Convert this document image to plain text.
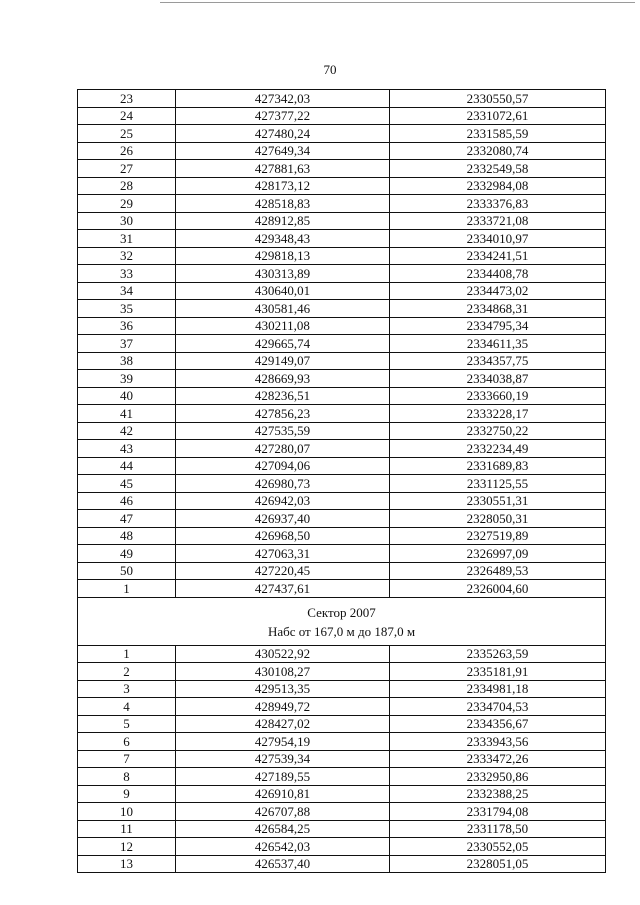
70
23	427342,03	2330550,57
24	427377,22	2331072,61
25	427480,24	2331585,59
26	427649,34	2332080,74
27	427881,63	2332549,58
28	428173,12	2332984,08
29	428518,83	2333376,83
30	428912,85	2333721,08
31	429348,43	2334010,97
32	429818,13	2334241,51
33	430313,89	2334408,78
34	430640,01	2334473,02
35	430581,46	2334868,31
36	430211,08	2334795,34
37	429665,74	2334611,35
38	429149,07	2334357,75
39	428669,93	2334038,87
40	428236,51	2333660,19
41	427856,23	2333228,17
42	427535,59	2332750,22
43	427280,07	2332234,49
44	427094,06	2331689,83
45	426980,73	2331125,55
46	426942,03	2330551,31
47	426937,40	2328050,31
48	426968,50	2327519,89
49	427063,31	2326997,09
50	427220,45	2326489,53
1	427437,61	2326004,60

Сектор 2007
Набс от 167,0 м до 187,0 м		

1	430522,92	2335263,59
2	430108,27	2335181,91
3	429513,35	2334981,18
4	428949,72	2334704,53
5	428427,02	2334356,67
6	427954,19	2333943,56
7	427539,34	2333472,26
8	427189,55	2332950,86
9	426910,81	2332388,25
10	426707,88	2331794,08
11	426584,25	2331178,50
12	426542,03	2330552,05
13	426537,40	2328051,05
